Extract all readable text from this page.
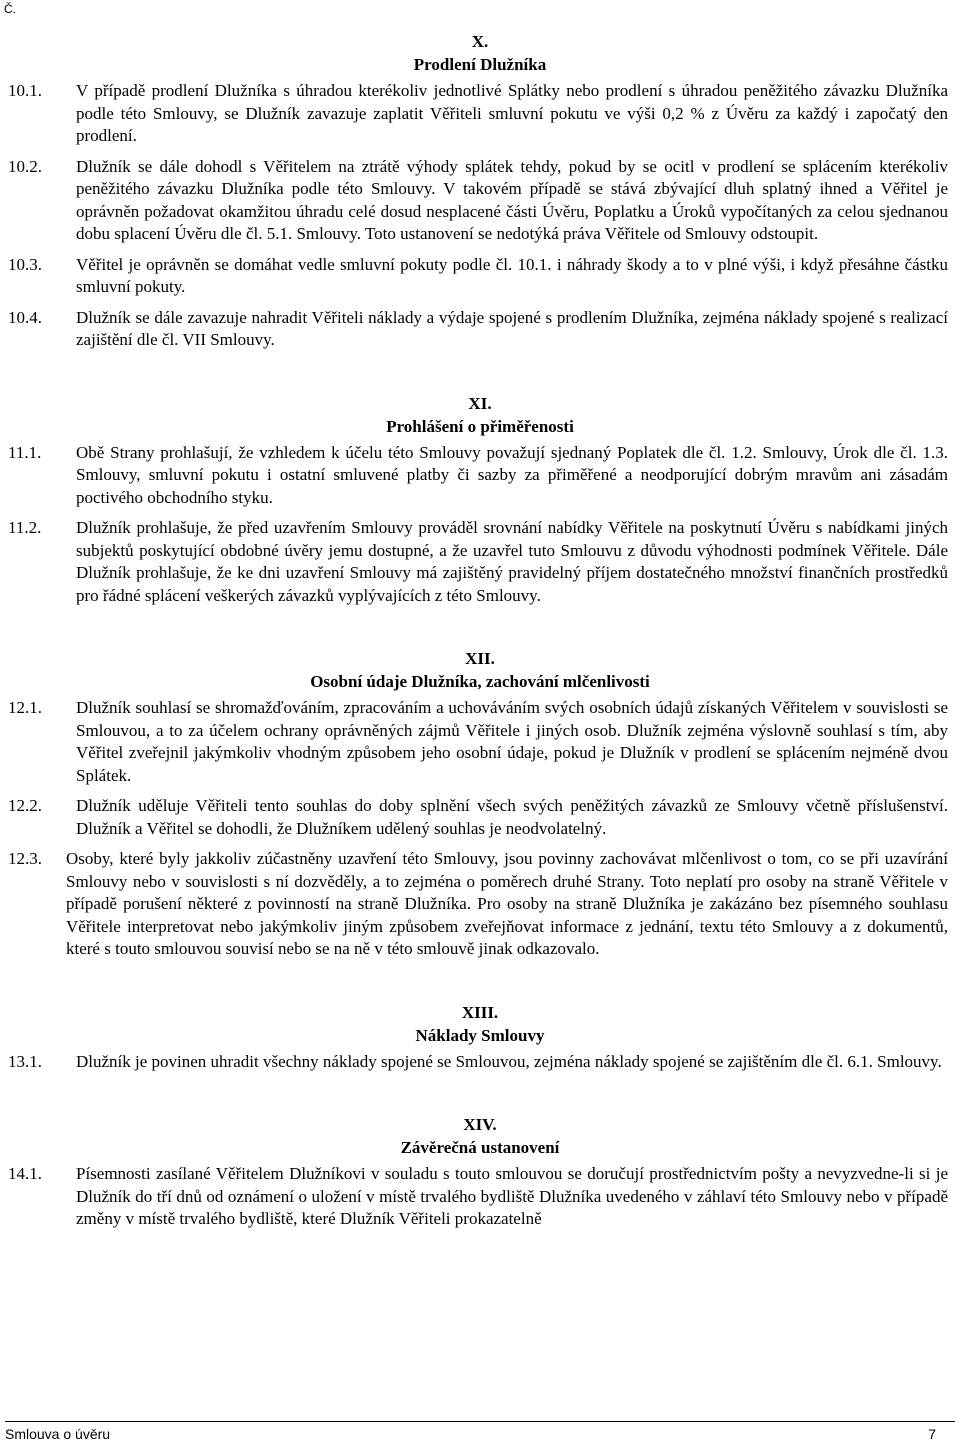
Č.
X.
Prodlení Dlužníka
10.1.	V případě prodlení Dlužníka s úhradou kterékoliv jednotlivé Splátky nebo prodlení s úhradou peněžitého závazku Dlužníka podle této Smlouvy, se Dlužník zavazuje zaplatit Věřiteli smluvní pokutu ve výši 0,2 % z Úvěru za každý i započatý den prodlení.
10.2.	Dlužník se dále dohodl s Věřitelem na ztrátě výhody splátek tehdy, pokud by se ocitl v prodlení se splácením kterékoliv peněžitého závazku Dlužníka podle této Smlouvy. V takovém případě se stává zbývající dluh splatný ihned a Věřitel je oprávněn požadovat okamžitou úhradu celé dosud nesplacené části Úvěru, Poplatku a Úroků vypočítaných za celou sjednanou dobu splacení Úvěru dle čl. 5.1. Smlouvy. Toto ustanovení se nedotýká práva Věřitele od Smlouvy odstoupit.
10.3.	Věřitel je oprávněn se domáhat vedle smluvní pokuty podle čl. 10.1. i náhrady škody a to v plné výši, i když přesáhne částku smluvní pokuty.
10.4.	Dlužník se dále zavazuje nahradit Věřiteli náklady a výdaje spojené s prodlením Dlužníka, zejména náklady spojené s realizací zajištění dle čl. VII Smlouvy.
XI.
Prohlášení o přiměřenosti
11.1.	Obě Strany prohlašují, že vzhledem k účelu této Smlouvy považují sjednaný Poplatek dle čl. 1.2. Smlouvy, Úrok dle čl. 1.3. Smlouvy, smluvní pokutu i ostatní smluvené platby či sazby za přiměřené a neodporující dobrým mravům ani zásadám poctivého obchodního styku.
11.2.	Dlužník prohlašuje, že před uzavřením Smlouvy prováděl srovnání nabídky Věřitele na poskytnutí Úvěru s nabídkami jiných subjektů poskytující obdobné úvěry jemu dostupné, a že uzavřel tuto Smlouvu z důvodu výhodnosti podmínek Věřitele. Dále Dlužník prohlašuje, že ke dni uzavření Smlouvy má zajištěný pravidelný příjem dostatečného množství finančních prostředků pro řádné splácení veškerých závazků vyplývajících z této Smlouvy.
XII.
Osobní údaje Dlužníka, zachování mlčenlivosti
12.1.	Dlužník souhlasí se shromažďováním, zpracováním a uchováváním svých osobních údajů získaných Věřitelem v souvislosti se Smlouvou, a to za účelem ochrany oprávněných zájmů Věřitele i jiných osob. Dlužník zejména výslovně souhlasí s tím, aby Věřitel zveřejnil jakýmkoliv vhodným způsobem jeho osobní údaje, pokud je Dlužník v prodlení se splácením nejméně dvou Splátek.
12.2.	Dlužník uděluje Věřiteli tento souhlas do doby splnění všech svých peněžitých závazků ze Smlouvy včetně příslušenství. Dlužník a Věřitel se dohodli, že Dlužníkem udělený souhlas je neodvolatelný.
12.3.	Osoby, které byly jakkoliv zúčastněny uzavření této Smlouvy, jsou povinny zachovávat mlčenlivost o tom, co se při uzavírání Smlouvy nebo v souvislosti s ní dozvěděly, a to zejména o poměrech druhé Strany. Toto neplatí pro osoby na straně Věřitele v případě porušení některé z povinností na straně Dlužníka. Pro osoby na straně Dlužníka je zakázáno bez písemného souhlasu Věřitele interpretovat nebo jakýmkoliv jiným způsobem zveřejňovat informace z jednání, textu této Smlouvy a z dokumentů, které s touto smlouvou souvisí nebo se na ně v této smlouvě jinak odkazovalo.
XIII.
Náklady Smlouvy
13.1.	Dlužník je povinen uhradit všechny náklady spojené se Smlouvou, zejména náklady spojené se zajištěním dle čl. 6.1. Smlouvy.
XIV.
Závěrečná ustanovení
14.1.	Písemnosti zasílané Věřitelem Dlužníkovi v souladu s touto smlouvou se doručují prostřednictvím pošty a nevyzvedne-li si je Dlužník do tří dnů od oznámení o uložení v místě trvalého bydliště Dlužníka uvedeného v záhlaví této Smlouvy nebo v případě změny v místě trvalého bydliště, které Dlužník Věřiteli prokazatelně
Smlouva o úvěru	7
